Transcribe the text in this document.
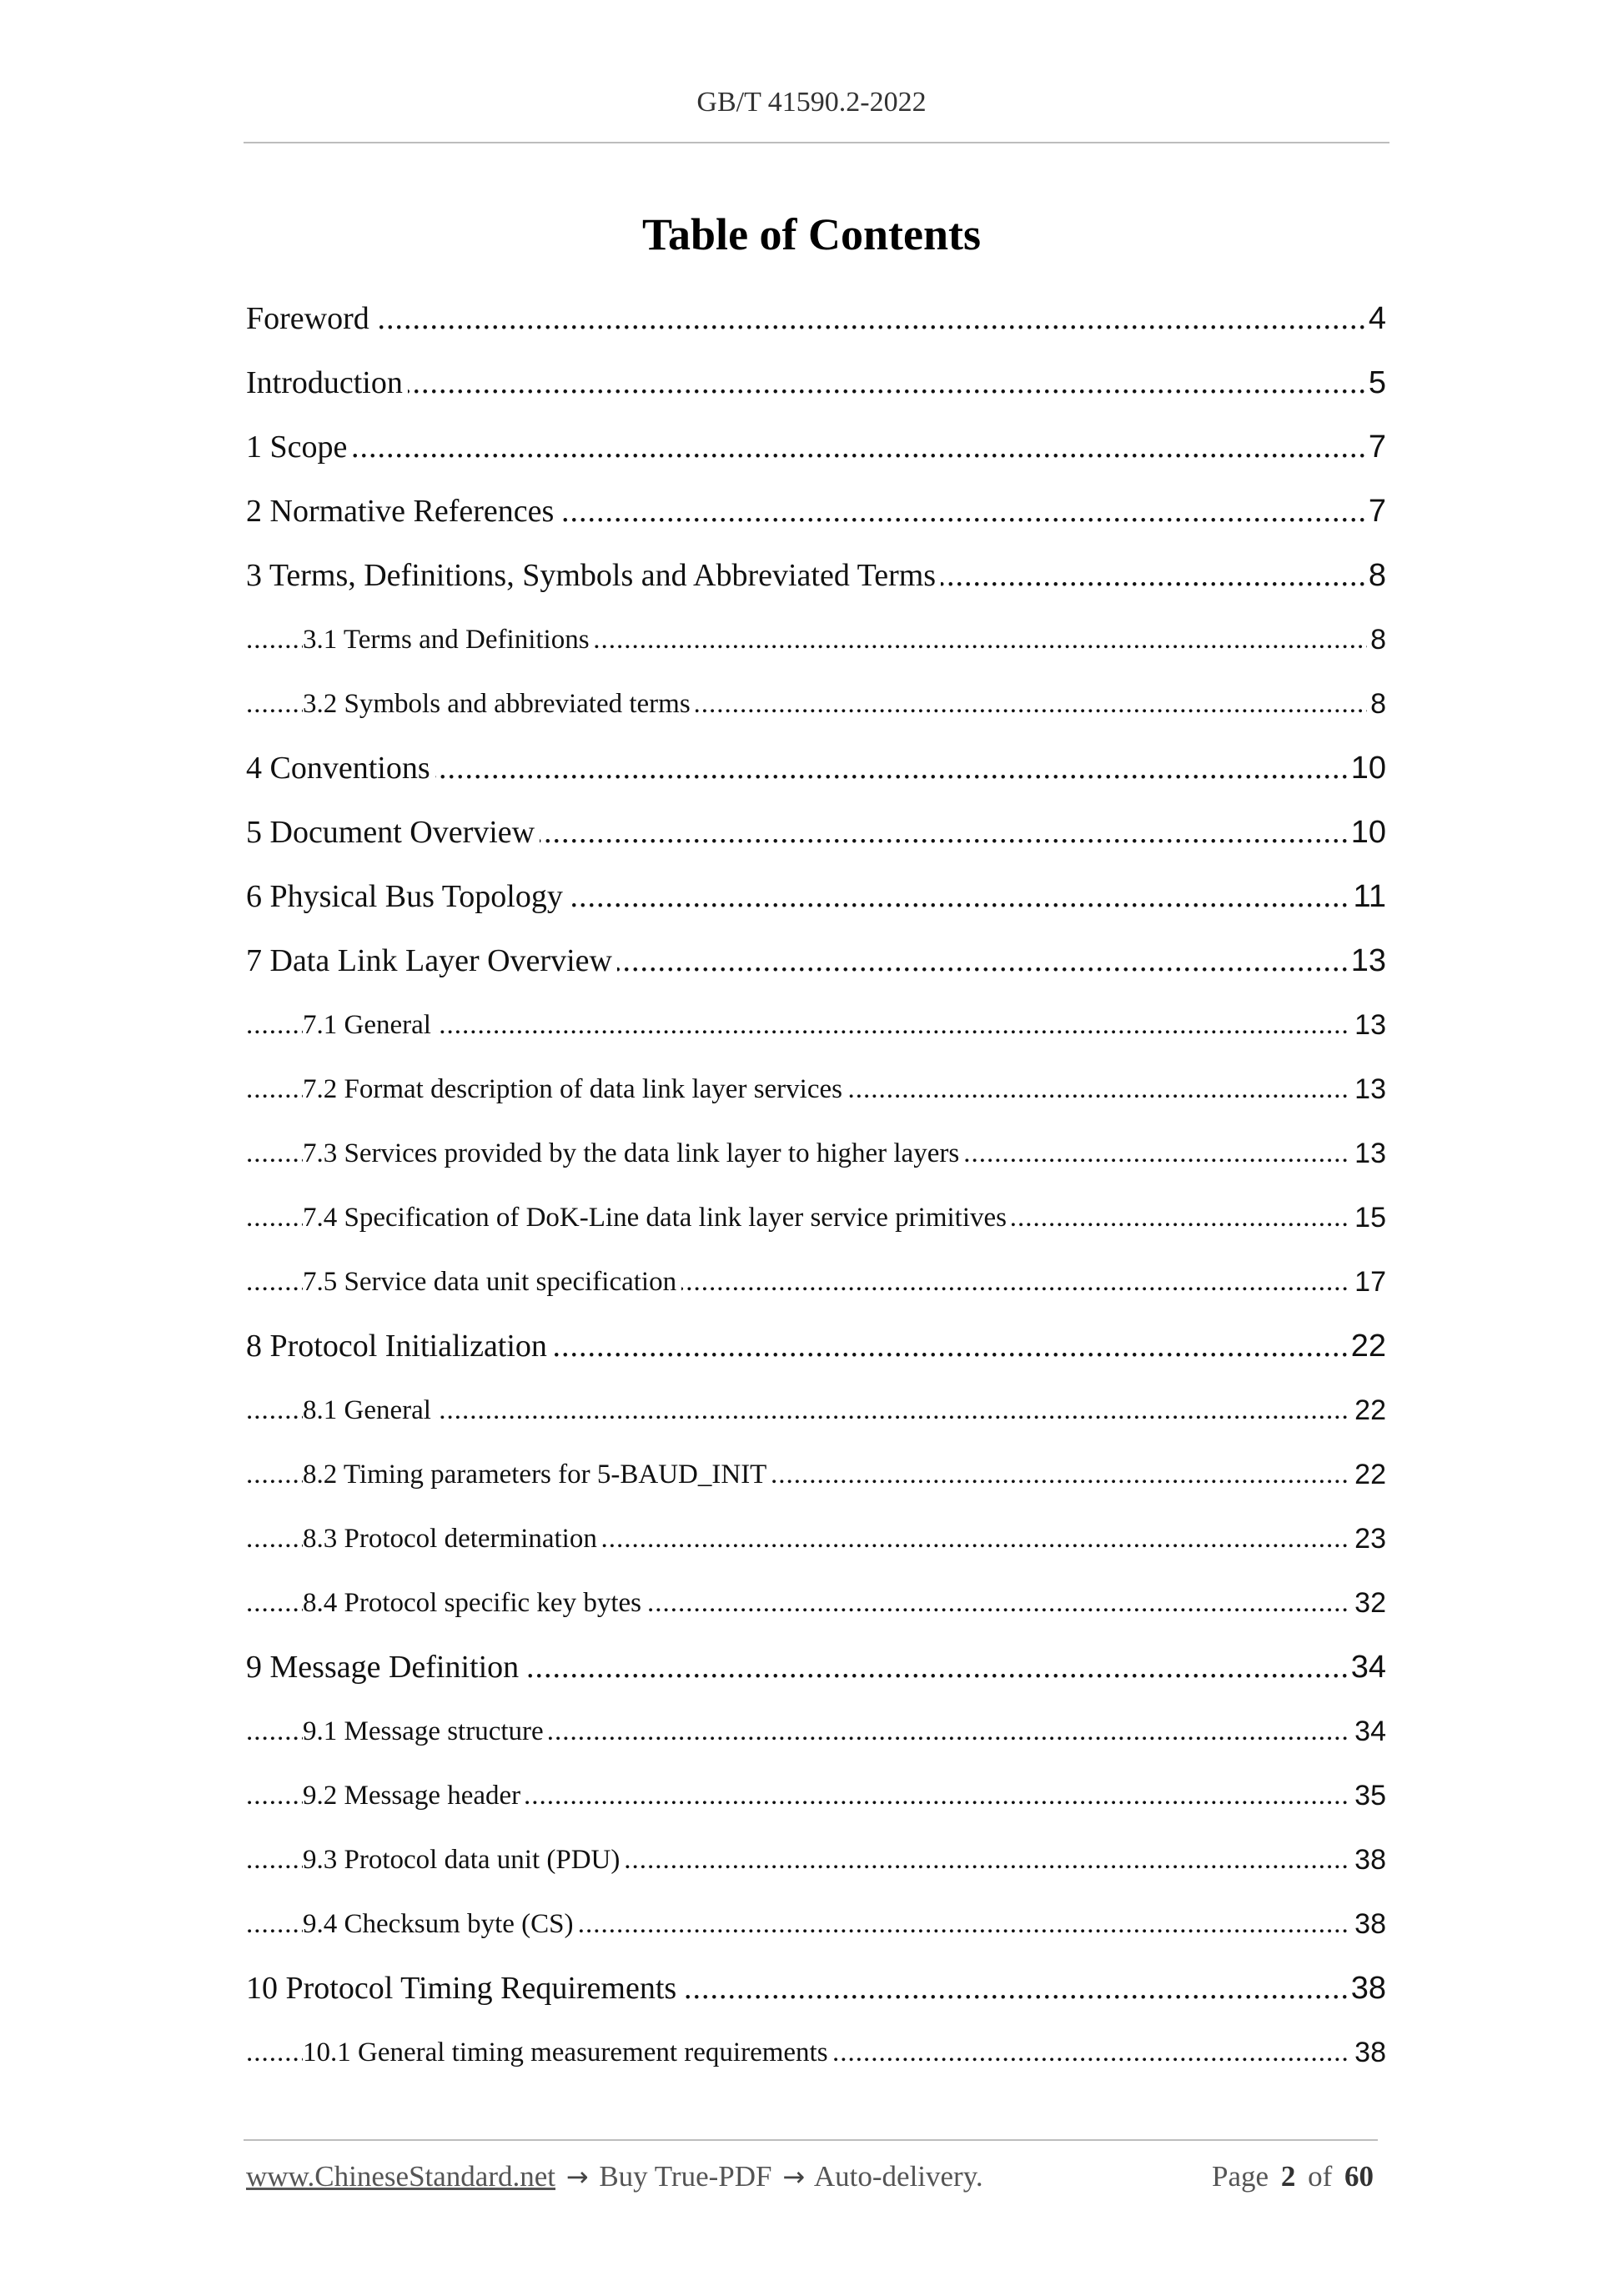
GB/T 41590.2-2022
Table of Contents
..... Foreword	4
..... Introduction	5
..... 1 Scope	7
..... 2 Normative References	7
..... 3 Terms, Definitions, Symbols and Abbreviated Terms	8
..... 3.1 Terms and Definitions	8
..... 3.2 Symbols and abbreviated terms	8
..... 4 Conventions	10
..... 5 Document Overview	10
..... 6 Physical Bus Topology	11
..... 7 Data Link Layer Overview	13
..... 7.1 General	13
..... 7.2 Format description of data link layer services	13
..... 7.3 Services provided by the data link layer to higher layers	13
..... 7.4 Specification of DoK-Line data link layer service primitives	15
..... 7.5 Service data unit specification	17
..... 8 Protocol Initialization	22
..... 8.1 General	22
..... 8.2 Timing parameters for 5-BAUD_INIT	22
..... 8.3 Protocol determination	23
..... 8.4 Protocol specific key bytes	32
..... 9 Message Definition	34
..... 9.1 Message structure	34
..... 9.2 Message header	35
..... 9.3 Protocol data unit (PDU)	38
..... 9.4 Checksum byte (CS)	38
..... 10 Protocol Timing Requirements	38
..... 10.1 General timing measurement requirements	38
www.ChineseStandard.net → Buy True-PDF → Auto-delivery.	Page 2 of 60
